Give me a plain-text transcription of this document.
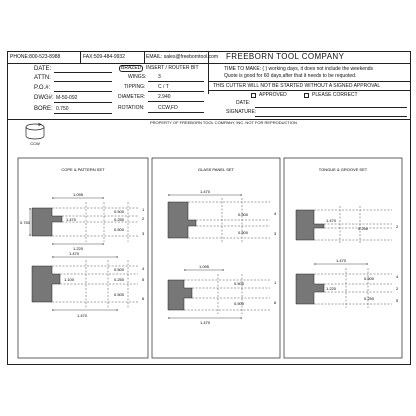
PHONE:800-523-8988	FAX:509-484-9932	EMAIL: sales@freeborntool.com FREEBORN TOOL COMPANY
DATE:
ATTN:
P.O.#:
DWG#: M-50-092
BORE: 0.750
BRAZED INSERT / ROUTER BIT
WINGS: 3
TIPPING:	C / T
DIAMETER:	2.940
ROTATION:	CCW,FD
TIME TO MAKE: ( ) working days, it does not include the weekends
Quote is good for 60 days,after that it needs to be requoted.
THIS CUTTER WILL NOT BE STARTED WITHOUT A SIGNED APPROVAL
APPROVED	PLEASE CORRECT
DATE:
SIGNATURE:
PROPERTY OF FREEBORN TOOL COMPANY, INC. NOT FOR REPRODUCTION
CCW
COPE & PATTERN SET	GLASS PANEL SET	TONGUE & GROOVE SET
1.095
0.500
1.470	0.250
0.500
0.750
1.220
1
2
3
1.470
0.500
1.100	0.250
0.500
1.470
4
5
6
1.470
0.500
0.500
4
3
1.095
0.500
0.500
1.470
1
6
1.470
0.250	2
1.470
0.500
1.220
0.250
4
2
5
